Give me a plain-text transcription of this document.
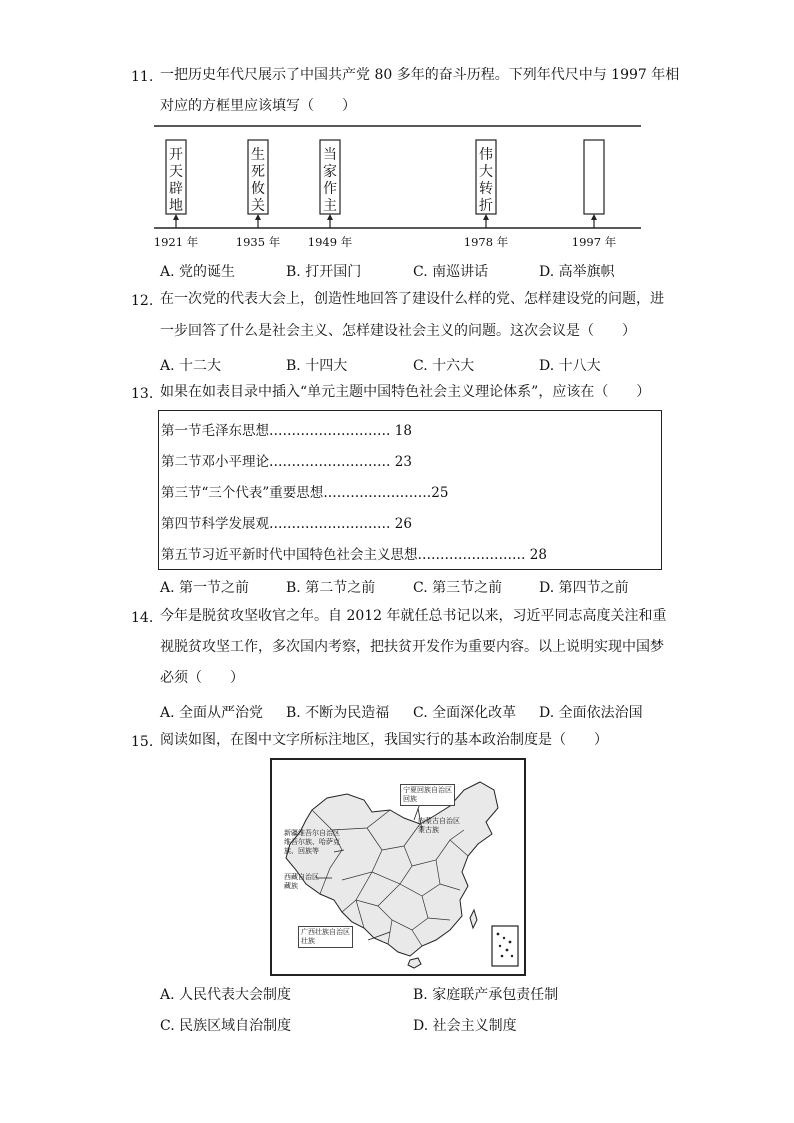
11. 一把历史年代尺展示了中国共产党 80 多年的奋斗历程。下列年代尺中与 1997 年相
对应的方框里应该填写（　　）
开
天
辟
地
1921 年
生
死
攸
关
1935 年
当
家
作
主
1949 年
伟
大
转
折
1978 年	1997 年
A. 党的诞生	B. 打开国门	C. 南巡讲话	D. 高举旗帜
12. 在一次党的代表大会上，创造性地回答了建设什么样的党、怎样建设党的问题，进
一步回答了什么是社会主义、怎样建设社会主义的问题。这次会议是（　　）
A. 十二大	B. 十四大	C. 十六大	D. 十八大
13. 如果在如表目录中插入“单元主题中国特色社会主义理论体系”，应该在（　　）
第一节毛泽东思想……………………… 18
第二节邓小平理论……………………… 23
第三节“三个代表”重要思想……………………25
第四节科学发展观……………………… 26
第五节习近平新时代中国特色社会主义思想…………………… 28
A. 第一节之前	B. 第二节之前	C. 第三节之前	D. 第四节之前
14. 今年是脱贫攻坚收官之年。自 2012 年就任总书记以来，习近平同志高度关注和重
视脱贫攻坚工作，多次国内考察，把扶贫开发作为重要内容。以上说明实现中国梦
必须（　　）
A. 全面从严治党 B. 不断为民造福 C. 全面深化改革 D. 全面依法治国
15. 阅读如图，在图中文字所标注地区，我国实行的基本政治制度是（　　）
宁夏回族自治区
回族
内蒙古自治区
蒙古族
新疆维吾尔自治区
维吾尔族、哈萨克
族、回族等
西藏自治区
藏族
广西壮族自治区
壮族
A. 人民代表大会制度	B. 家庭联产承包责任制
C. 民族区域自治制度	D. 社会主义制度
